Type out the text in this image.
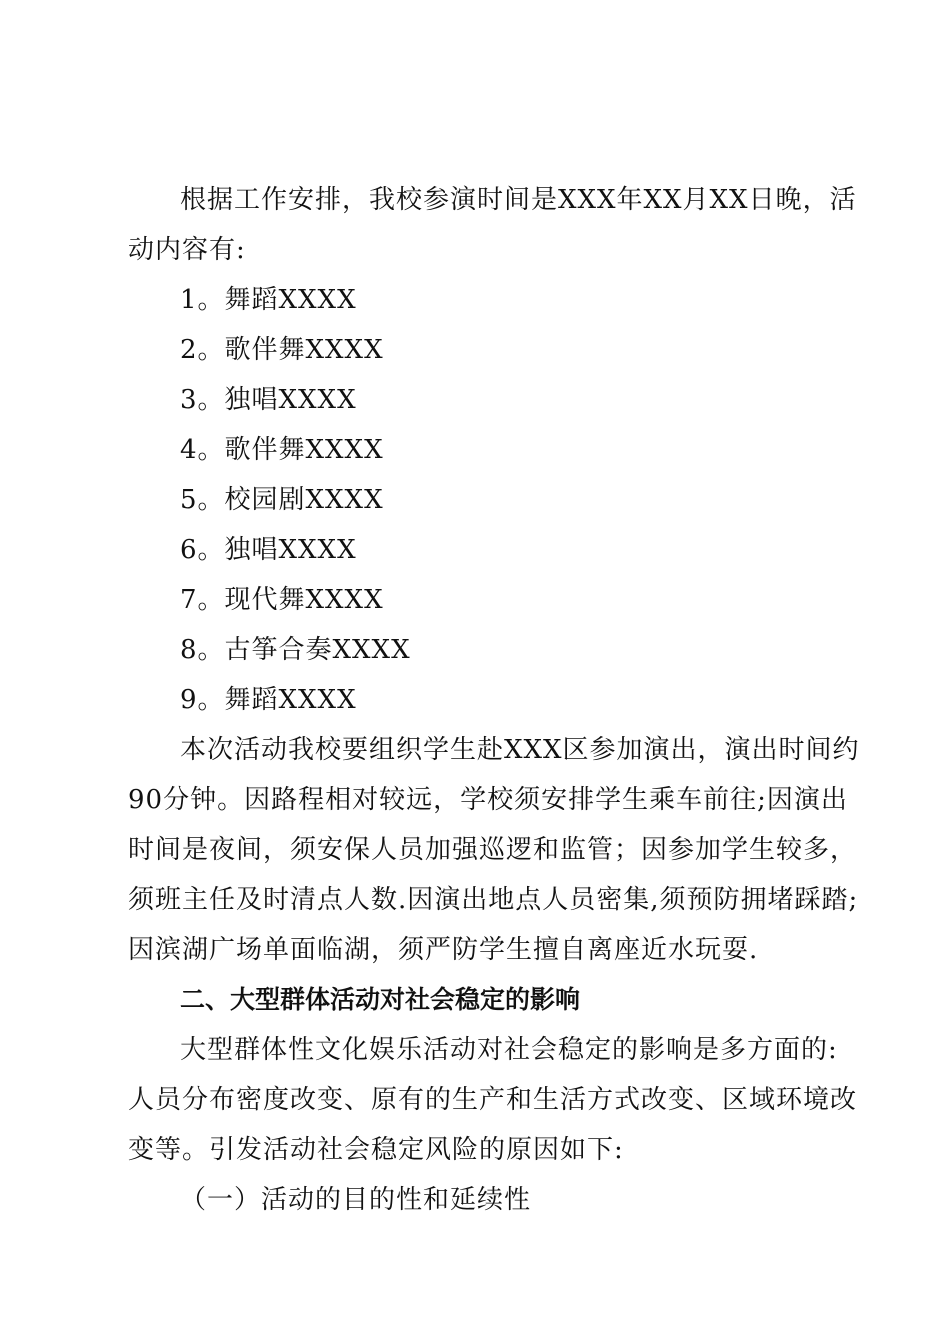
根据工作安排，我校参演时间是XXX年XX月XX日晚，活
动内容有:
1。舞蹈XXXX
2。歌伴舞XXXX
3。独唱XXXX
4。歌伴舞XXXX
5。校园剧XXXX
6。独唱XXXX
7。现代舞XXXX
8。古筝合奏XXXX
9。舞蹈XXXX
本次活动我校要组织学生赴XXX区参加演出，演出时间约
90分钟。因路程相对较远，学校须安排学生乘车前往;因演出
时间是夜间，须安保人员加强巡逻和监管；因参加学生较多，
须班主任及时清点人数.因演出地点人员密集,须预防拥堵踩踏;
因滨湖广场单面临湖，须严防学生擅自离座近水玩耍.
二、大型群体活动对社会稳定的影响
大型群体性文化娱乐活动对社会稳定的影响是多方面的:
人员分布密度改变、原有的生产和生活方式改变、区域环境改
变等。引发活动社会稳定风险的原因如下:
（一）活动的目的性和延续性
